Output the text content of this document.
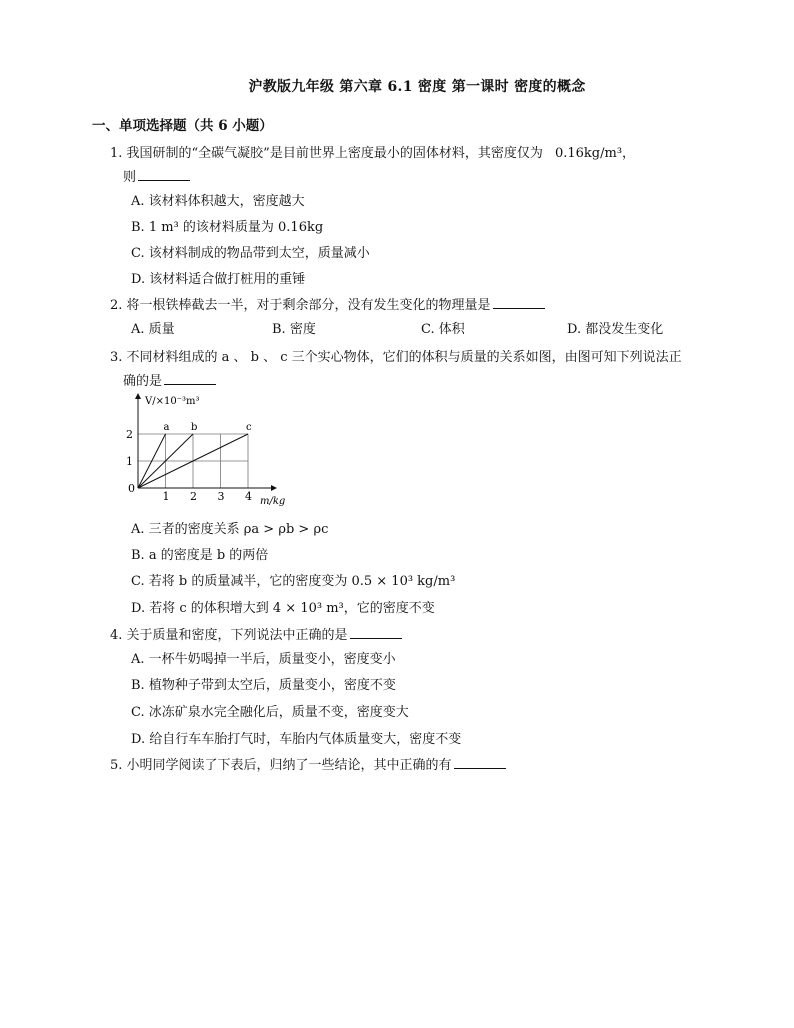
沪教版九年级 第六章 6.1 密度 第一课时 密度的概念
一、单项选择题（共 6 小题）
1. 我国研制的“全碳气凝胶”是目前世界上密度最小的固体材料，其密度仅为 0.16kg/m³，
则
A. 该材料体积越大，密度越大
B. 1 m³ 的该材料质量为 0.16kg
C. 该材料制成的物品带到太空，质量减小
D. 该材料适合做打桩用的重锤
2. 将一根铁棒截去一半，对于剩余部分，没有发生变化的物理量是
A. 质量	B. 密度	C. 体积	D. 都没发生变化
3. 不同材料组成的 a 、 b 、 c 三个实心物体，它们的体积与质量的关系如图，由图可知下列说法正
确的是
a b	c
1 2 3 4
1
2
V/×10⁻³m³
m/kg
0
A. 三者的密度关系 ρa > ρb > ρc
B. a 的密度是 b 的两倍
C. 若将 b 的质量减半，它的密度变为 0.5 × 10³ kg/m³
D. 若将 c 的体积增大到 4 × 10³ m³，它的密度不变
4. 关于质量和密度，下列说法中正确的是
A. 一杯牛奶喝掉一半后，质量变小，密度变小
B. 植物种子带到太空后，质量变小，密度不变
C. 冰冻矿泉水完全融化后，质量不变，密度变大
D. 给自行车车胎打气时，车胎内气体质量变大，密度不变
5. 小明同学阅读了下表后，归纳了一些结论，其中正确的有
